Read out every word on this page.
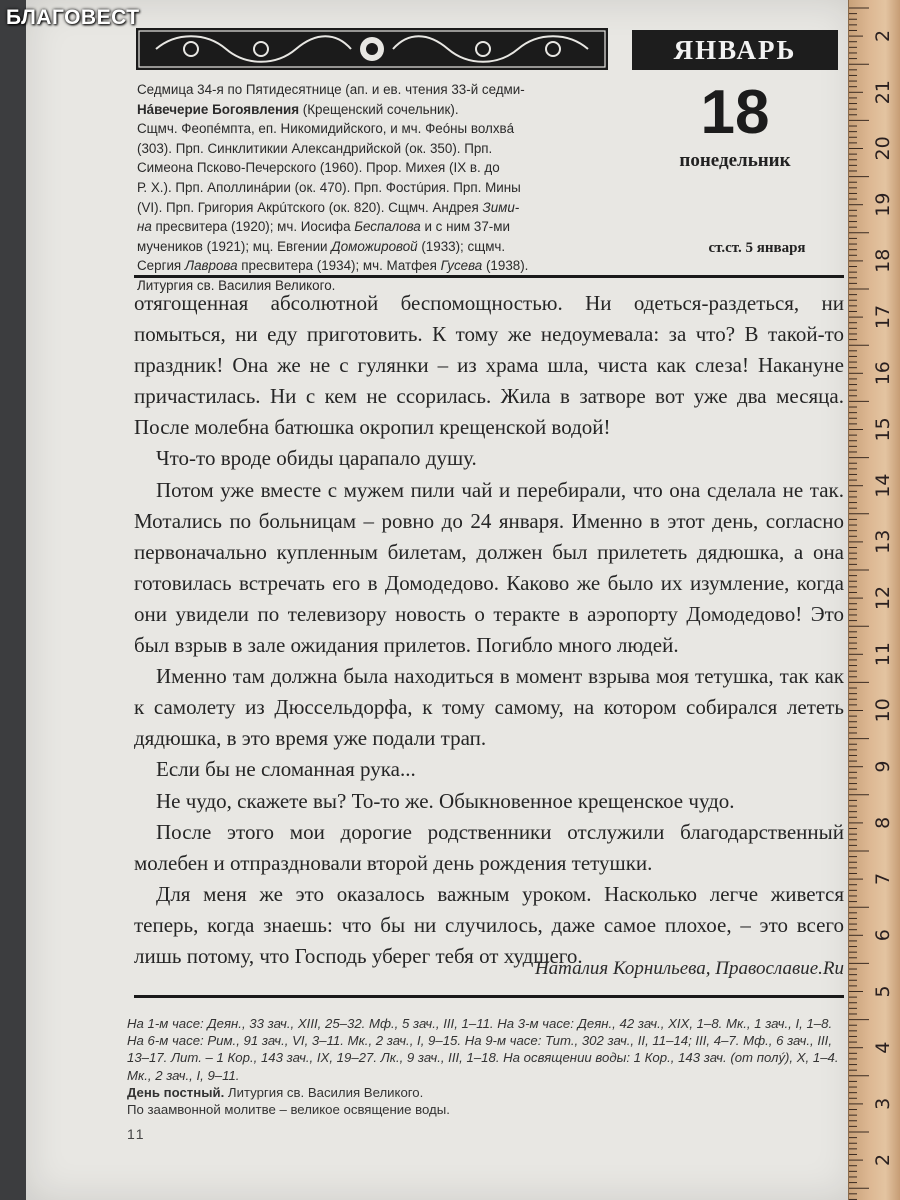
Седмица 34-я по Пятидесятнице (ап. и ев. чтения 33-й седми-
Нáвечерие Богоявления (Крещенский сочельник).
Сщмч. Феопéмпта, еп. Никомидийского, и мч. Феóны волхвá
(303). Прп. Синклитикии Александрийской (ок. 350). Прп.
Симеона Псково-Печерского (1960). Прор. Михея (IX в. до
Р. Х.). Прп. Аполлинáрии (ок. 470). Прп. Фостúрия. Прп. Мины
(VI). Прп. Григория Акрúтского (ок. 820). Сщмч. Андрея Зими-
на пресвитера (1920); мч. Иосифа Беспалова и с ним 37-ми
мучеников (1921); мц. Евгении Доможировой (1933); сщмч.
Сергия Лаврова пресвитера (1934); мч. Матфея Гусева (1938).
Литургия св. Василия Великого.

ЯНВАРЬ
18
понедельник
ст.ст. 5 января

отягощенная абсолютной беспомощностью. Ни одеться-раздеться, ни помыться, ни еду приготовить. К тому же недоумевала: за что? В такой-то праздник! Она же не с гулянки – из храма шла, чиста как слеза! Накануне причастилась. Ни с кем не ссорилась. Жила в затворе вот уже два месяца. После молебна батюшка окропил крещенской водой!

Что-то вроде обиды царапало душу.

Потом уже вместе с мужем пили чай и перебирали, что она сделала не так. Мотались по больницам – ровно до 24 января. Именно в этот день, согласно первоначально купленным билетам, должен был прилететь дядюшка, а она готовилась встречать его в Домодедово. Каково же было их изумление, когда они увидели по телевизору новость о теракте в аэропорту Домодедово! Это был взрыв в зале ожидания прилетов. Погибло много людей.

Именно там должна была находиться в момент взрыва моя тетушка, так как к самолету из Дюссельдорфа, к тому самому, на котором собирался лететь дядюшка, в это время уже подали трап.

Если бы не сломанная рука...

Не чудо, скажете вы? То-то же. Обыкновенное крещенское чудо.

После этого мои дорогие родственники отслужили благодарственный молебен и отпраздновали второй день рождения тетушки.

Для меня же это оказалось важным уроком. Насколько легче живется теперь, когда знаешь: что бы ни случилось, даже самое плохое, – это всего лишь потому, что Господь уберег тебя от худшего.

Наталия Корнильева, Православие.Ru

На 1-м часе: Деян., 33 зач., XIII, 25–32. Мф., 5 зач., III, 1–11. На 3-м часе: Деян., 42 зач., XIX, 1–8. Мк., 1 зач., I, 1–8. На 6-м часе: Рим., 91 зач., VI, 3–11. Мк., 2 зач., I, 9–15. На 9-м часе: Тит., 302 зач., II, 11–14; III, 4–7. Мф., 6 зач., III, 13–17. Лит. – 1 Кор., 143 зач., IX, 19–27. Лк., 9 зач., III, 1–18. На освящении воды: 1 Кор., 143 зач. (от полý), X, 1–4. Мк., 2 зач., I, 9–11.
День постный. Литургия св. Василия Великого.
По заамвонной молитве – великое освящение воды.

11
БЛАГОВЕСТ
2
21
20
19
18
17
16
15
14
13
12
11
10
9
8
7
6
5
4
3
2
